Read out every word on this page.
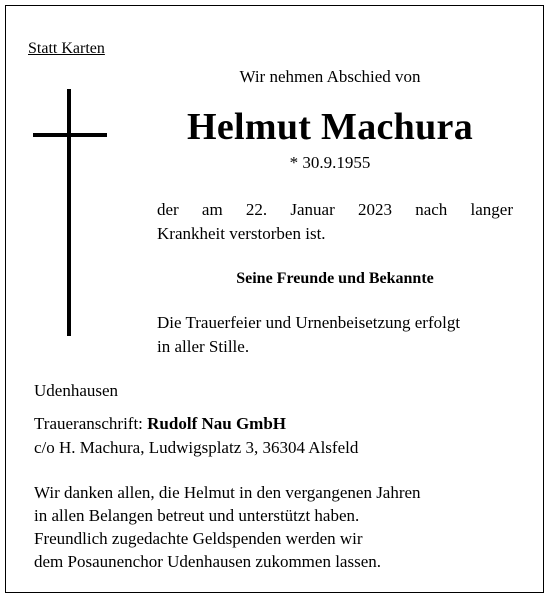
Statt Karten
Wir nehmen Abschied von
Helmut Machura
* 30.9.1955
der am 22. Januar 2023 nach langer
Krankheit verstorben ist.
Seine Freunde und Bekannte
Die Trauerfeier und Urnenbeisetzung erfolgt
in aller Stille.
Udenhausen
Traueranschrift: Rudolf Nau GmbH
c/o H. Machura, Ludwigsplatz 3, 36304 Alsfeld
Wir danken allen, die Helmut in den vergangenen Jahren
in allen Belangen betreut und unterstützt haben.
Freundlich zugedachte Geldspenden werden wir
dem Posaunenchor Udenhausen zukommen lassen.
